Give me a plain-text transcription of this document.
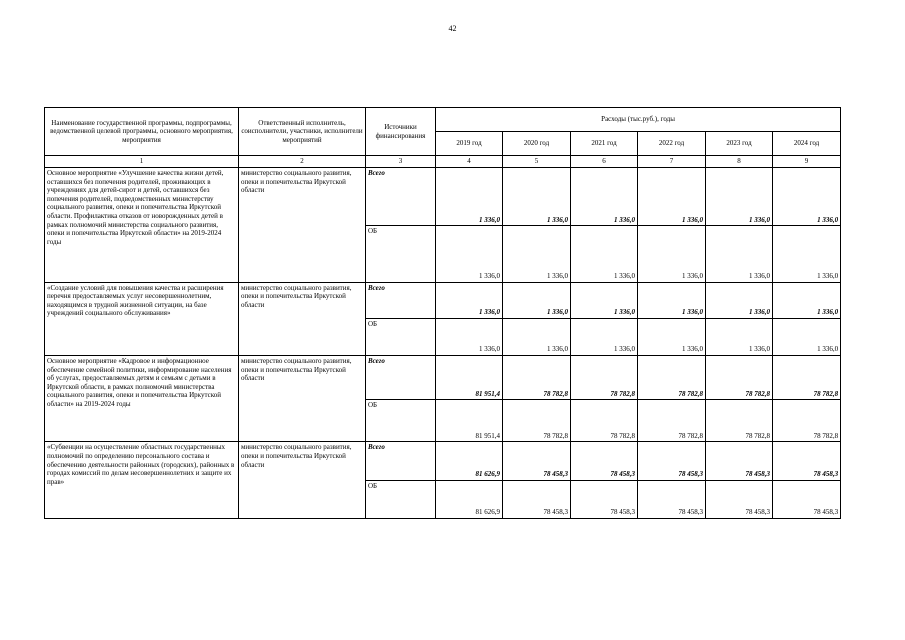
42
Наименование государственной программы, подпрограммы, ведомственной целевой программы, основного мероприятия, мероприятия	Ответственный исполнитель, соисполнители, участники, исполнители мероприятий	Источники финансирования	Расходы (тыс.руб.), годы					
			2019 год	2020 год	2021 год	2022 год	2023 год	2024 год
1	2	3	4	5	6	7	8	9
Основное мероприятие «Улучшение качества жизни детей, оставшихся без попечения родителей, проживающих в учреждениях для детей-сирот и детей, оставшихся без попечения родителей, подведомственных министерству социального развития, опеки и попечительства Иркутской области. Профилактика отказов от новорожденных детей в рамках полномочий министерства социального развития, опеки и попечительства Иркутской области» на 2019-2024 годы	министерство социального развития, опеки и попечительства Иркутской области	Всего	1 336,0	1 336,0	1 336,0	1 336,0	1 336,0	1 336,0
		ОБ	1 336,0	1 336,0	1 336,0	1 336,0	1 336,0	1 336,0
«Создание условий для повышения качества и расширения перечня предоставляемых услуг несовершеннолетним, находящимся в трудной жизненной ситуации, на базе учреждений социального обслуживания»	министерство социального развития, опеки и попечительства Иркутской области	Всего	1 336,0	1 336,0	1 336,0	1 336,0	1 336,0	1 336,0
		ОБ	1 336,0	1 336,0	1 336,0	1 336,0	1 336,0	1 336,0
Основное мероприятие «Кадровое и информационное обеспечение семейной политики, информирование населения об услугах, предоставляемых детям и семьям с детьми в Иркутской области, в рамках полномочий министерства социального развития, опеки и попечительства Иркутской области» на 2019-2024 годы	министерство социального развития, опеки и попечительства Иркутской области	Всего	81 951,4	78 782,8	78 782,8	78 782,8	78 782,8	78 782,8
		ОБ	81 951,4	78 782,8	78 782,8	78 782,8	78 782,8	78 782,8
«Субвенции на осуществление областных государственных полномочий по определению персонального состава и обеспечению деятельности районных (городских), районных в городах комиссий по делам несовершеннолетних и защите их прав»	министерство социального развития, опеки и попечительства Иркутской области	Всего	81 626,9	78 458,3	78 458,3	78 458,3	78 458,3	78 458,3
		ОБ	81 626,9	78 458,3	78 458,3	78 458,3	78 458,3	78 458,3
